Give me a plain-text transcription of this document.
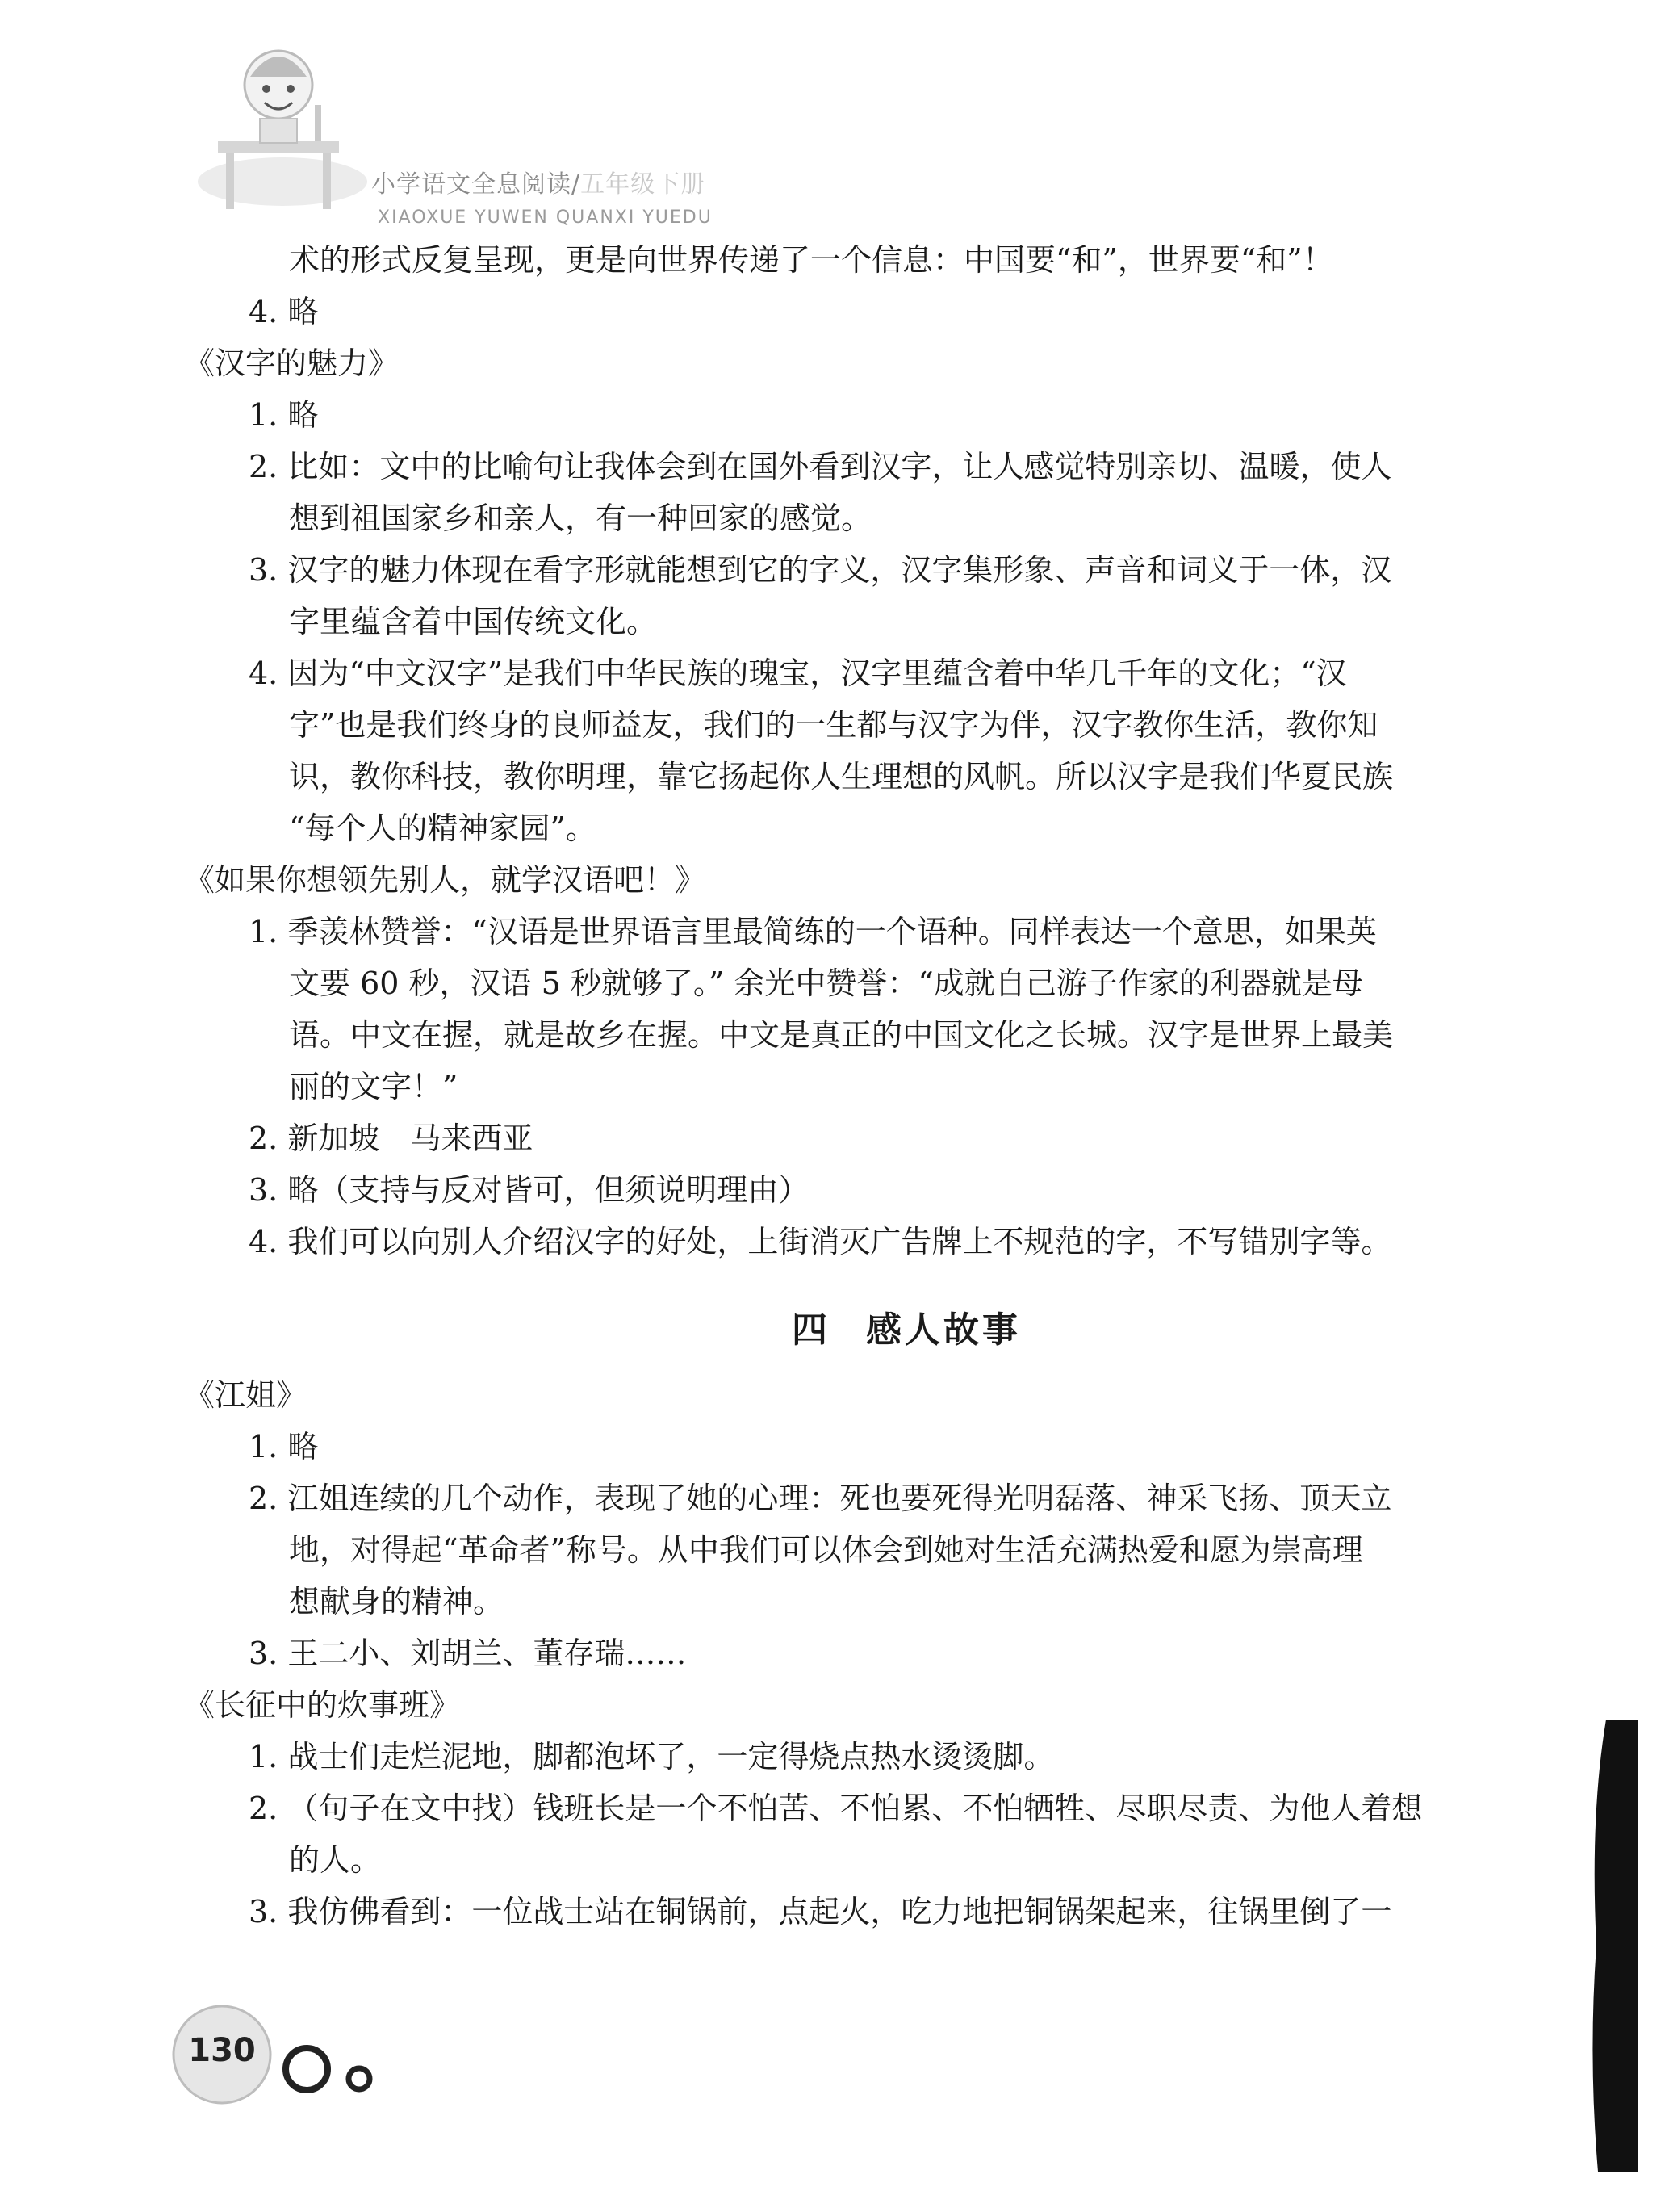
小学语文全息阅读/五年级下册
XIAOXUE YUWEN QUANXI YUEDU
术的形式反复呈现，更是向世界传递了一个信息：中国要“和”，世界要“和”！
4. 略
《汉字的魅力》
1. 略
2. 比如：文中的比喻句让我体会到在国外看到汉字，让人感觉特别亲切、温暖，使人
想到祖国家乡和亲人，有一种回家的感觉。
3. 汉字的魅力体现在看字形就能想到它的字义，汉字集形象、声音和词义于一体，汉
字里蕴含着中国传统文化。
4. 因为“中文汉字”是我们中华民族的瑰宝，汉字里蕴含着中华几千年的文化；“汉
字”也是我们终身的良师益友，我们的一生都与汉字为伴，汉字教你生活，教你知
识，教你科技，教你明理，靠它扬起你人生理想的风帆。所以汉字是我们华夏民族
“每个人的精神家园”。
《如果你想领先别人，就学汉语吧！》
1. 季羡林赞誉：“汉语是世界语言里最简练的一个语种。同样表达一个意思，如果英
文要 60 秒，汉语 5 秒就够了。” 余光中赞誉：“成就自己游子作家的利器就是母
语。中文在握，就是故乡在握。中文是真正的中国文化之长城。汉字是世界上最美
丽的文字！”
2. 新加坡　马来西亚
3. 略（支持与反对皆可，但须说明理由）
4. 我们可以向别人介绍汉字的好处，上街消灭广告牌上不规范的字，不写错别字等。
四 感人故事
《江姐》
1. 略
2. 江姐连续的几个动作，表现了她的心理：死也要死得光明磊落、神采飞扬、顶天立
地，对得起“革命者”称号。从中我们可以体会到她对生活充满热爱和愿为崇高理
想献身的精神。
3. 王二小、刘胡兰、董存瑞……
《长征中的炊事班》
1. 战士们走烂泥地，脚都泡坏了，一定得烧点热水烫烫脚。
2. （句子在文中找）钱班长是一个不怕苦、不怕累、不怕牺牲、尽职尽责、为他人着想
的人。
3. 我仿佛看到：一位战士站在铜锅前，点起火，吃力地把铜锅架起来，往锅里倒了一
130
